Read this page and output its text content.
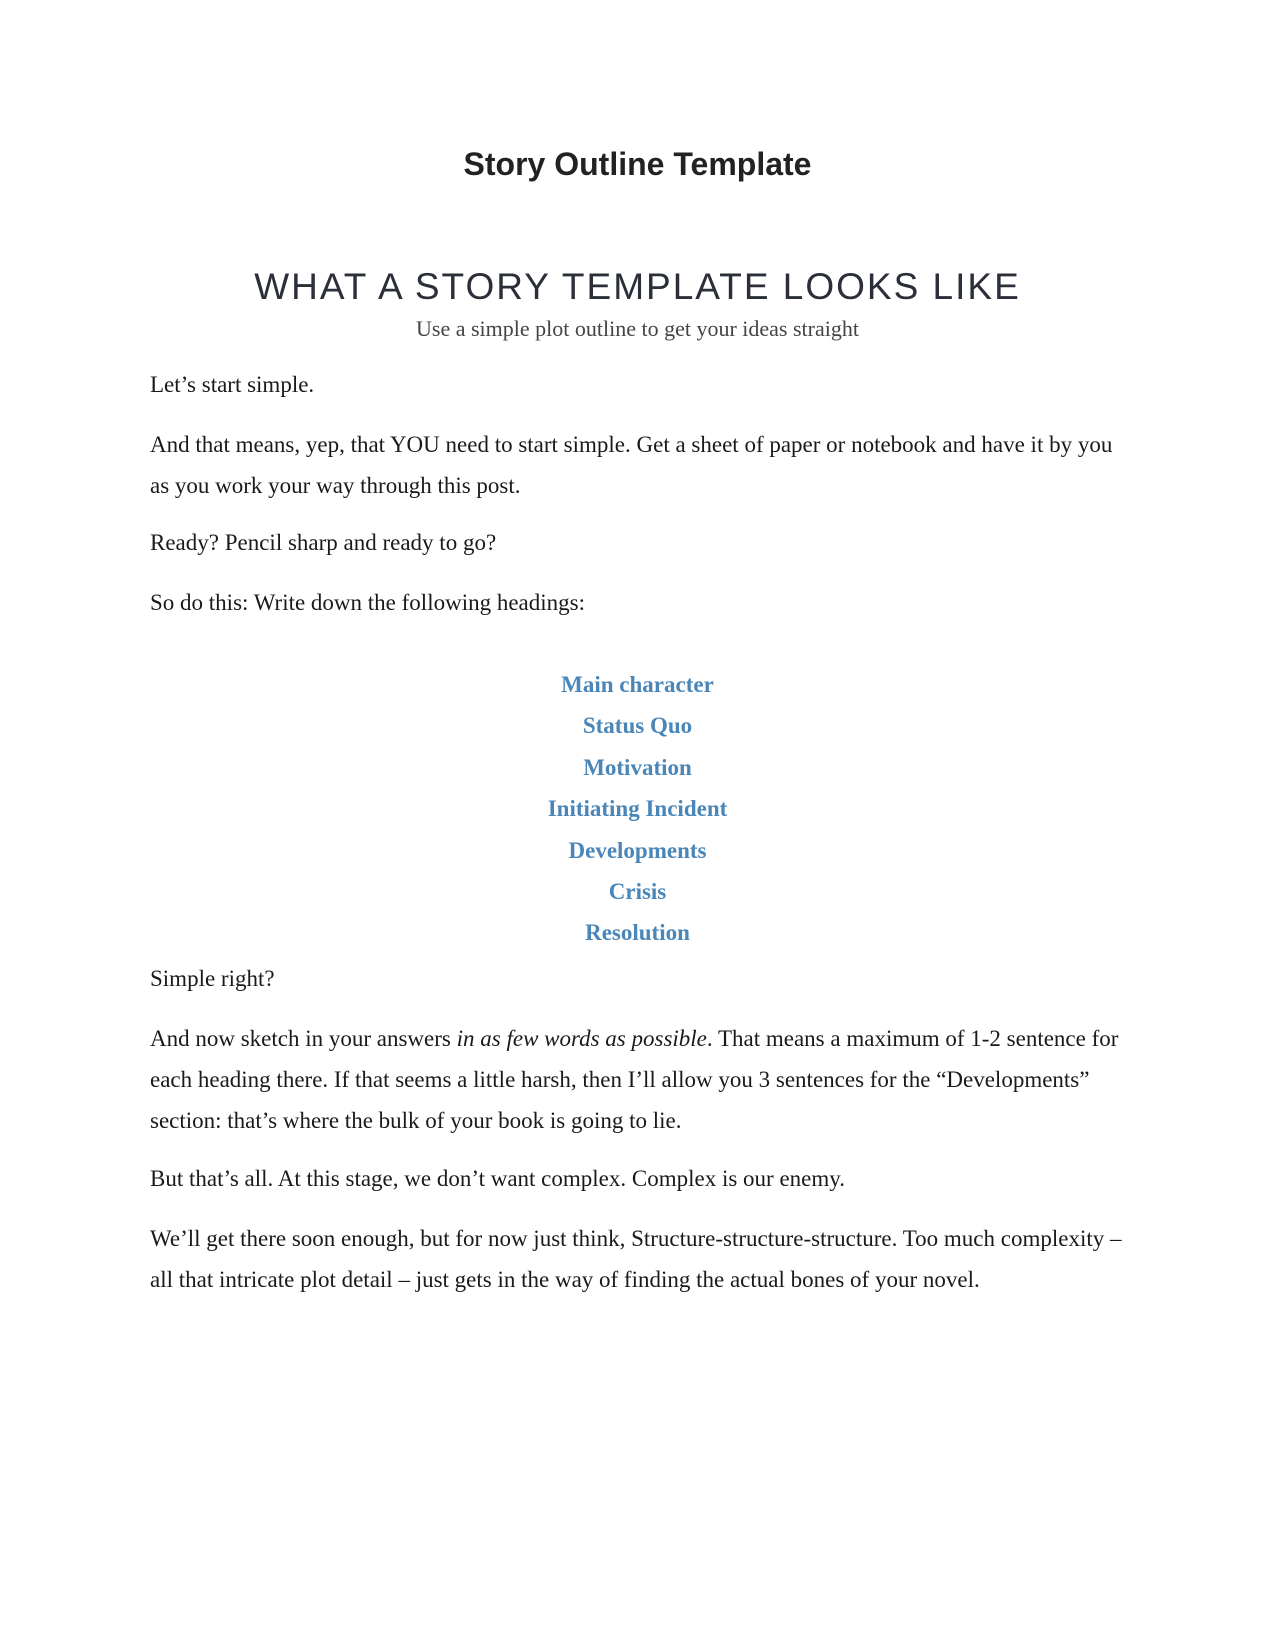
Story Outline Template
WHAT A STORY TEMPLATE LOOKS LIKE
Use a simple plot outline to get your ideas straight

Let’s start simple.

And that means, yep, that YOU need to start simple. Get a sheet of paper or notebook and have it by you as you work your way through this post.

Ready? Pencil sharp and ready to go?

So do this: Write down the following headings:

Main character
Status Quo
Motivation
Initiating Incident
Developments
Crisis
Resolution

Simple right?

And now sketch in your answers in as few words as possible. That means a maximum of 1-2 sentence for each heading there. If that seems a little harsh, then I’ll allow you 3 sentences for the “Developments” section: that’s where the bulk of your book is going to lie.

But that’s all. At this stage, we don’t want complex. Complex is our enemy.

We’ll get there soon enough, but for now just think, Structure-structure-structure. Too much complexity – all that intricate plot detail – just gets in the way of finding the actual bones of your novel.
